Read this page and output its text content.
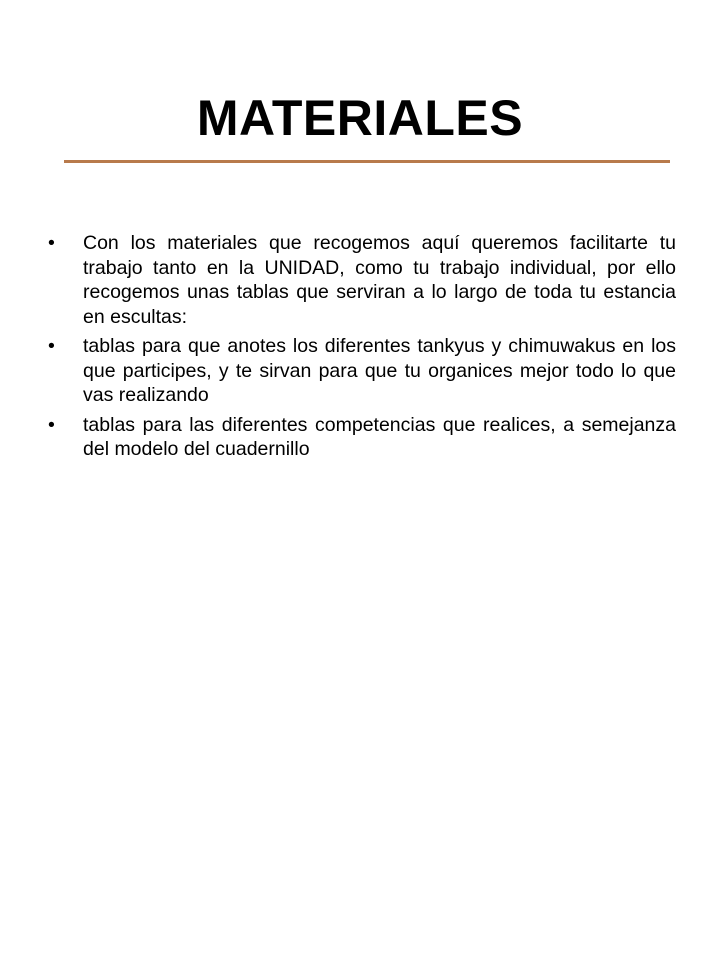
MATERIALES
• Con los materiales que recogemos aquí queremos facilitarte tu trabajo tanto en la UNIDAD, como tu trabajo individual, por ello recogemos unas tablas que serviran a lo largo de toda tu estancia en escultas:
• tablas para que anotes los diferentes tankyus y chimuwakus en los que participes, y te sirvan para que tu organices mejor todo lo que vas realizando
• tablas para las diferentes competencias que realices, a semejanza del modelo del cuadernillo
